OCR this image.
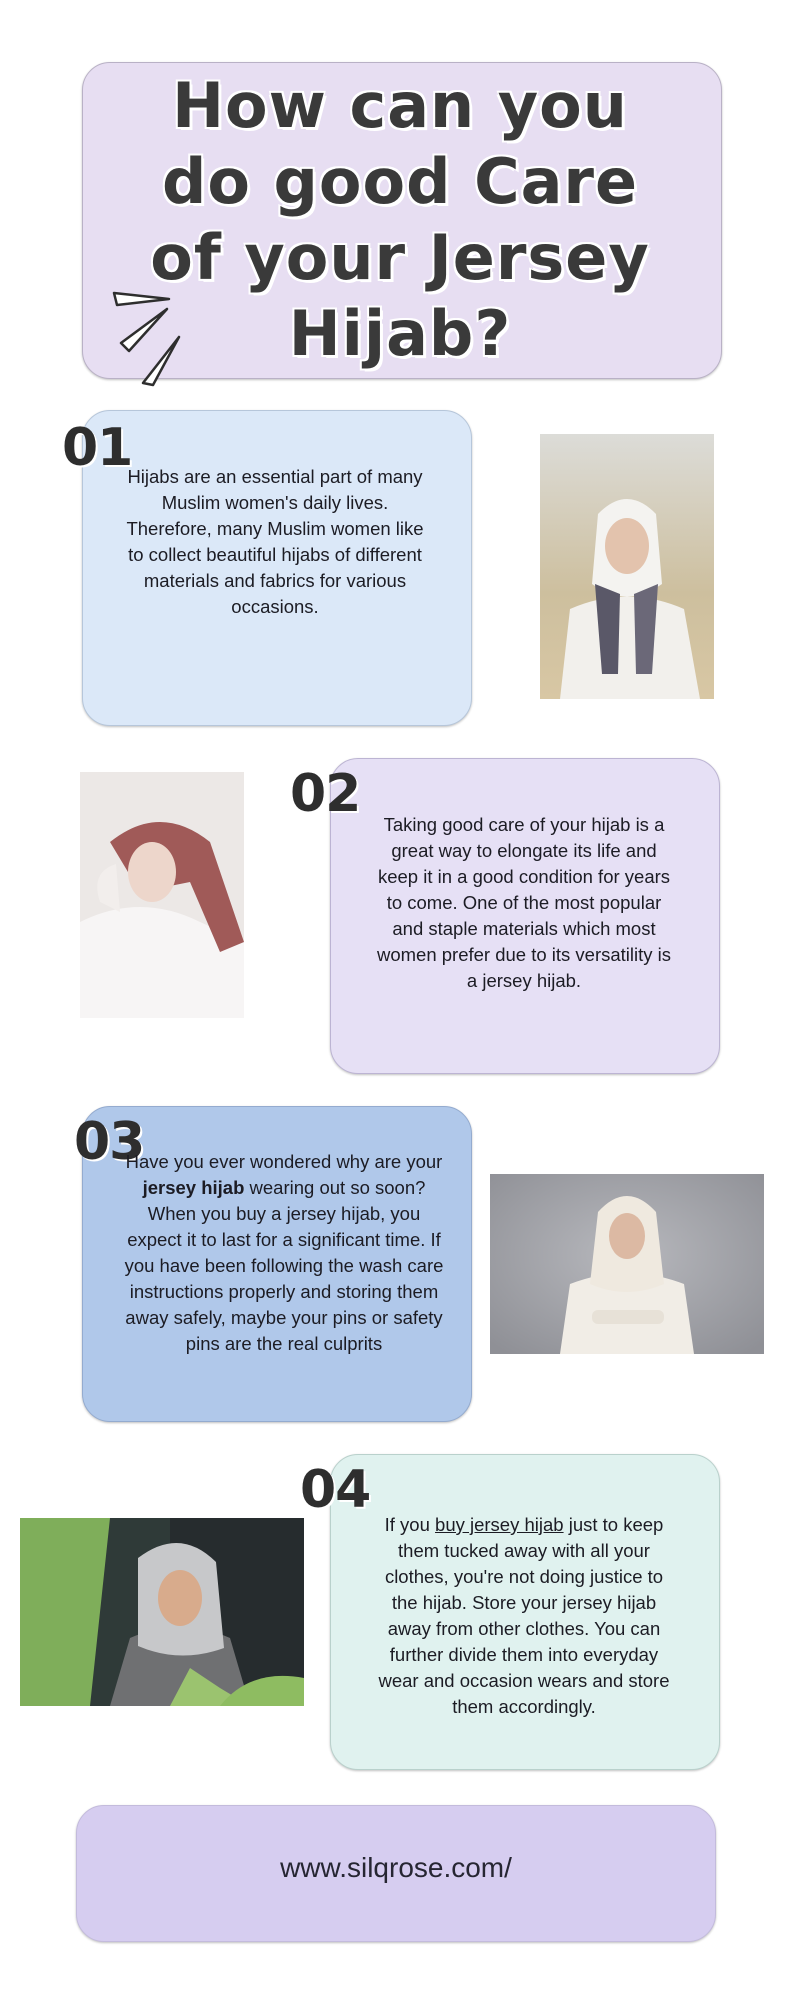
How can you do good Care of your Jersey Hijab?
01

Hijabs are an essential part of many Muslim women's daily lives. Therefore, many Muslim women like to collect beautiful hijabs of different materials and fabrics for various occasions.

02

Taking good care of your hijab is a great way to elongate its life and keep it in a good condition for years to come. One of the most popular and staple materials which most women prefer due to its versatility is a jersey hijab.

03

Have you ever wondered why are your jersey hijab wearing out so soon? When you buy a jersey hijab, you expect it to last for a significant time. If you have been following the wash care instructions properly and storing them away safely, maybe your pins or safety pins are the real culprits

04

If you buy jersey hijab just to keep them tucked away with all your clothes, you're not doing justice to the hijab. Store your jersey hijab away from other clothes. You can further divide them into everyday wear and occasion wears and store them accordingly.

www.silqrose.com/
